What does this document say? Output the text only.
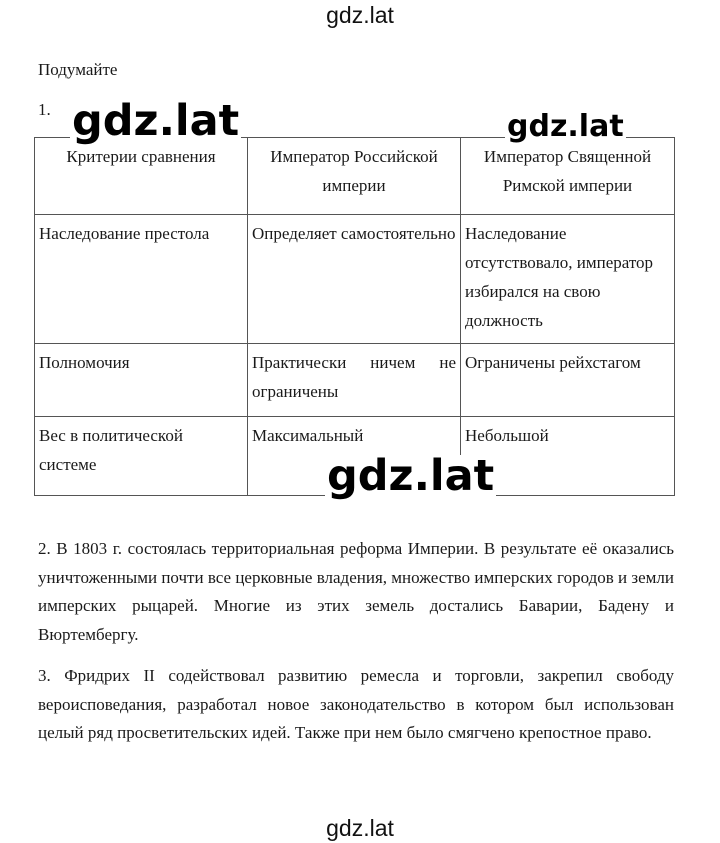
gdz.lat
Подумайте
1.
Критерии сравнения	Император Российской империи	Император Священной Римской империи
Наследование престола	Определяет самостоятельно	Наследование отсутствовало, император избирался на свою должность
Полномочия	Практически ничем не ограничены	Ограничены рейхстагом
Вес в политической системе	Максимальный	Небольшой

2. В 1803 г. состоялась территориальная реформа Империи. В результате её оказались уничтоженными почти все церковные владения, множество имперских городов и земли имперских рыцарей. Многие из этих земель достались Баварии, Бадену и Вюртембергу.

3. Фридрих II содействовал развитию ремесла и торговли, закрепил свободу вероисповедания, разработал новое законодательство в котором был использован целый ряд просветительских идей. Также при нем было смягчено крепостное право.

gdz.lat	gdz.lat
gdz.lat
gdz.lat
